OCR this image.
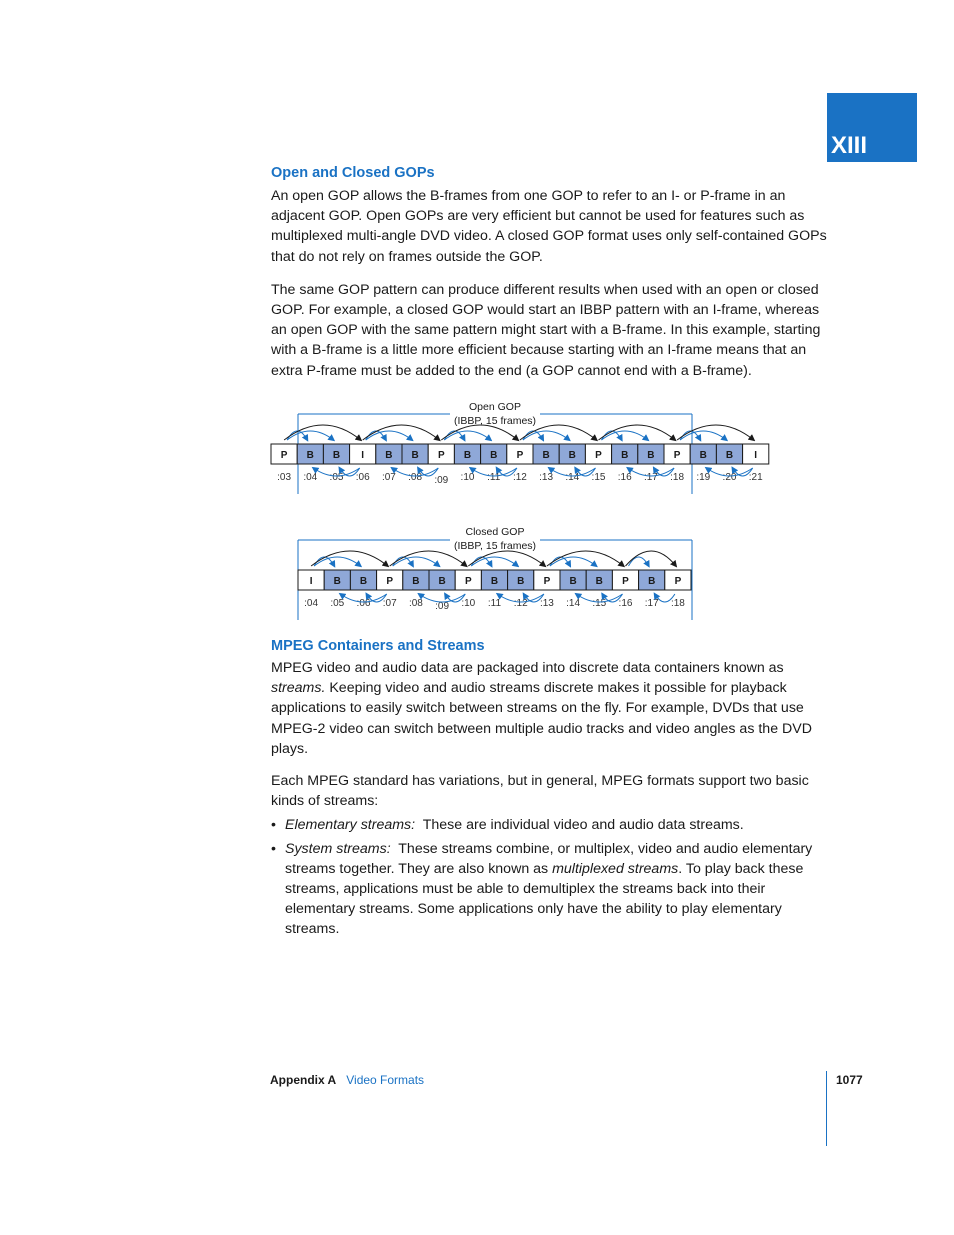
XIII
Open and Closed GOPs

An open GOP allows the B-frames from one GOP to refer to an I- or P-frame in an adjacent GOP. Open GOPs are very efficient but cannot be used for features such as multiplexed multi-angle DVD video. A closed GOP format uses only self-contained GOPs that do not rely on frames outside the GOP.

The same GOP pattern can produce different results when used with an open or closed GOP. For example, a closed GOP would start an IBBP pattern with an I-frame, whereas an open GOP with the same pattern might start with a B-frame. In this example, starting with a B-frame is a little more efficient because starting with an I-frame means that an extra P-frame must be added to the end (a GOP cannot end with a B-frame).

Open GOP
(IBBP, 15 frames)
P
:03
B
:04
B
:05
I
:06
B
:07
B
:08
P
:09
B
:10
B
:11
P
:12
B
:13
B
:14
P
:15
B
:16
B
:17
P
:18
B
:19
B
:20
I
:21
Closed GOP
(IBBP, 15 frames)
I
:04
B
:05
B
:06
P
:07
B
:08
B
:09
P
:10
B
:11
B
:12
P
:13
B
:14
B
:15
P
:16
B
:17
P
:18
MPEG Containers and Streams

MPEG video and audio data are packaged into discrete data containers known as streams. Keeping video and audio streams discrete makes it possible for playback applications to easily switch between streams on the fly. For example, DVDs that use MPEG-2 video can switch between multiple audio tracks and video angles as the DVD plays.

Each MPEG standard has variations, but in general, MPEG formats support two basic kinds of streams:

• Elementary streams:  These are individual video and audio data streams.
• System streams:  These streams combine, or multiplex, video and audio elementary streams together. They are also known as multiplexed streams. To play back these streams, applications must be able to demultiplex the streams back into their elementary streams. Some applications only have the ability to play elementary streams.
Appendix A Video Formats	1077
